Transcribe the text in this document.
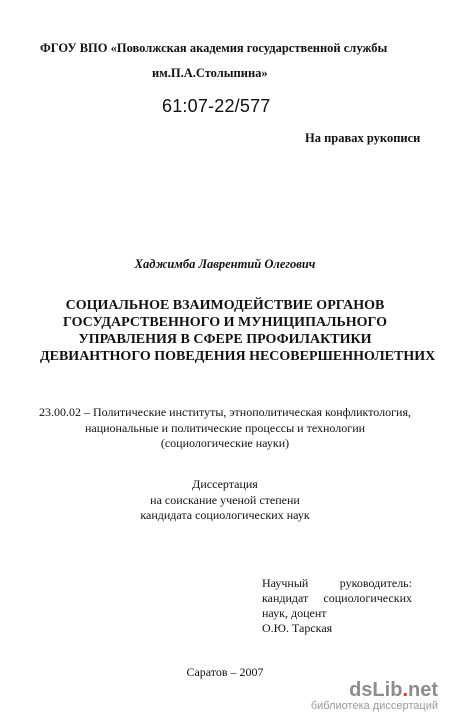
ФГОУ ВПО «Поволжская академия государственной службы
им.П.А.Столыпина»
61:07-22/577
На правах рукописи
Хаджимба Лаврентий Олегович
СОЦИАЛЬНОЕ ВЗАИМОДЕЙСТВИЕ ОРГАНОВ
ГОСУДАРСТВЕННОГО И МУНИЦИПАЛЬНОГО
УПРАВЛЕНИЯ В СФЕРЕ ПРОФИЛАКТИКИ
ДЕВИАНТНОГО ПОВЕДЕНИЯ НЕСОВЕРШЕННОЛЕТНИХ
23.00.02 – Политические институты, этнополитическая конфликтология,
национальные и политические процессы и технологии
(социологические науки)
Диссертация
на соискание ученой степени
кандидата социологических наук
Научный	руководитель:
кандидат социологических
наук, доцент
О.Ю. Тарская
Саратов – 2007
dsLib.net
библиотека диссертаций
